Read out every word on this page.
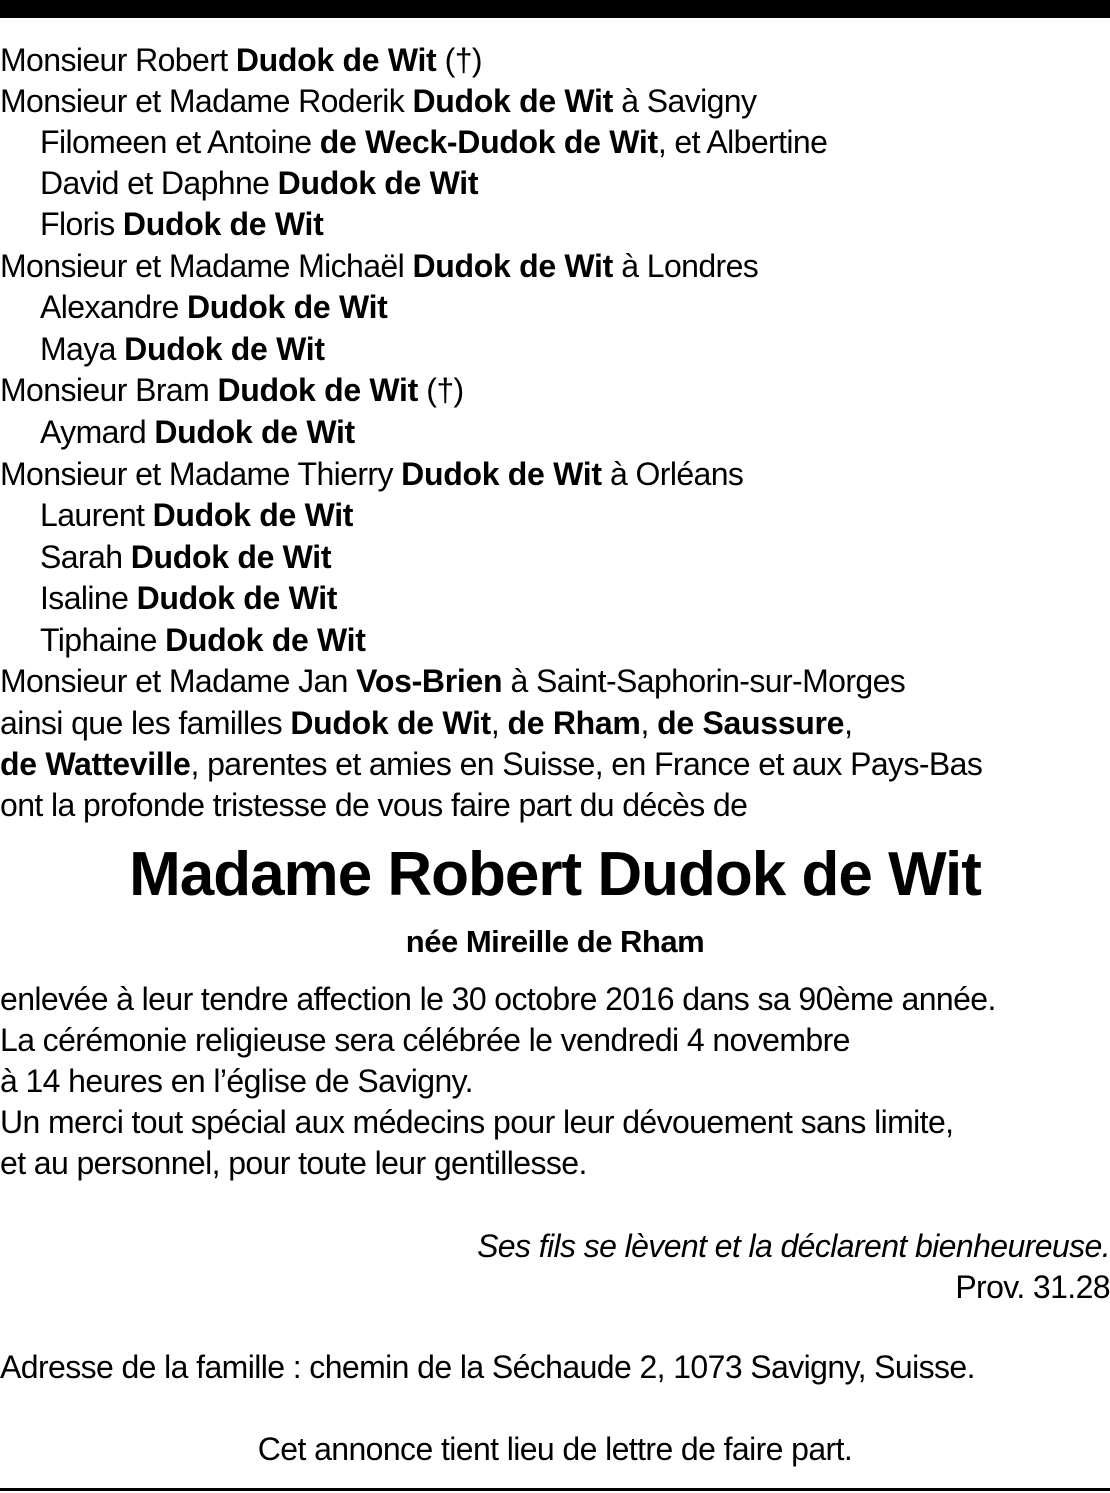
Monsieur Robert Dudok de Wit (†)
Monsieur et Madame Roderik Dudok de Wit à Savigny
Filomeen et Antoine de Weck-Dudok de Wit, et Albertine
David et Daphne Dudok de Wit
Floris Dudok de Wit
Monsieur et Madame Michaël Dudok de Wit à Londres
Alexandre Dudok de Wit
Maya Dudok de Wit
Monsieur Bram Dudok de Wit (†)
Aymard Dudok de Wit
Monsieur et Madame Thierry Dudok de Wit à Orléans
Laurent Dudok de Wit
Sarah Dudok de Wit
Isaline Dudok de Wit
Tiphaine Dudok de Wit
Monsieur et Madame Jan Vos-Brien à Saint-Saphorin-sur-Morges
ainsi que les familles Dudok de Wit, de Rham, de Saussure,
de Watteville, parentes et amies en Suisse, en France et aux Pays-Bas
ont la profonde tristesse de vous faire part du décès de
Madame Robert Dudok de Wit
née Mireille de Rham
enlevée à leur tendre affection le 30 octobre 2016 dans sa 90ème année.
La cérémonie religieuse sera célébrée le vendredi 4 novembre
à 14 heures en l’église de Savigny.
Un merci tout spécial aux médecins pour leur dévouement sans limite,
et au personnel, pour toute leur gentillesse.
Ses fils se lèvent et la déclarent bienheureuse.
Prov. 31.28
Adresse de la famille : chemin de la Séchaude 2, 1073 Savigny, Suisse.
Cet annonce tient lieu de lettre de faire part.
